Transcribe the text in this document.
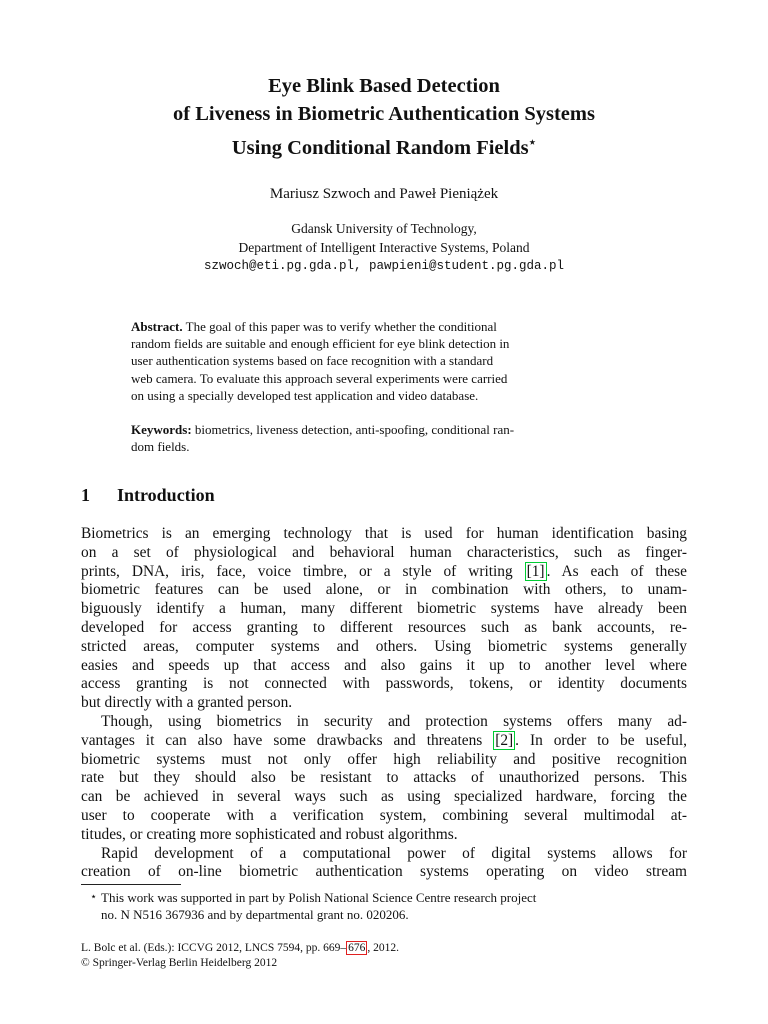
Eye Blink Based Detection
of Liveness in Biometric Authentication Systems
Using Conditional Random Fields⋆
Mariusz Szwoch and Paweł Pieniążek
Gdansk University of Technology,
Department of Intelligent Interactive Systems, Poland
szwoch@eti.pg.gda.pl, pawpieni@student.pg.gda.pl
Abstract. The goal of this paper was to verify whether the conditional
random fields are suitable and enough efficient for eye blink detection in
user authentication systems based on face recognition with a standard
web camera. To evaluate this approach several experiments were carried
on using a specially developed test application and video database.
Keywords: biometrics, liveness detection, anti-spoofing, conditional ran-
dom fields.
1 Introduction
Biometrics is an emerging technology that is used for human identification basing
on a set of physiological and behavioral human characteristics, such as finger-
prints, DNA, iris, face, voice timbre, or a style of writing [1] . As each of these
biometric features can be used alone, or in combination with others, to unam-
biguously identify a human, many different biometric systems have already been
developed for access granting to different resources such as bank accounts, re-
stricted areas, computer systems and others. Using biometric systems generally
easies and speeds up that access and also gains it up to another level where
access granting is not connected with passwords, tokens, or identity documents
but directly with a granted person.
Though, using biometrics in security and protection systems offers many ad-
vantages it can also have some drawbacks and threatens [2] . In order to be useful,
biometric systems must not only offer high reliability and positive recognition
rate but they should also be resistant to attacks of unauthorized persons. This
can be achieved in several ways such as using specialized hardware, forcing the
user to cooperate with a verification system, combining several multimodal at-
titudes, or creating more sophisticated and robust algorithms.
Rapid development of a computational power of digital systems allows for
creation of on-line biometric authentication systems operating on video stream
⋆ This work was supported in part by Polish National Science Centre research project
no. N N516 367936 and by departmental grant no. 020206.
L. Bolc et al. (Eds.): ICCVG 2012, LNCS 7594, pp. 669– 676 , 2012.
© Springer-Verlag Berlin Heidelberg 2012
